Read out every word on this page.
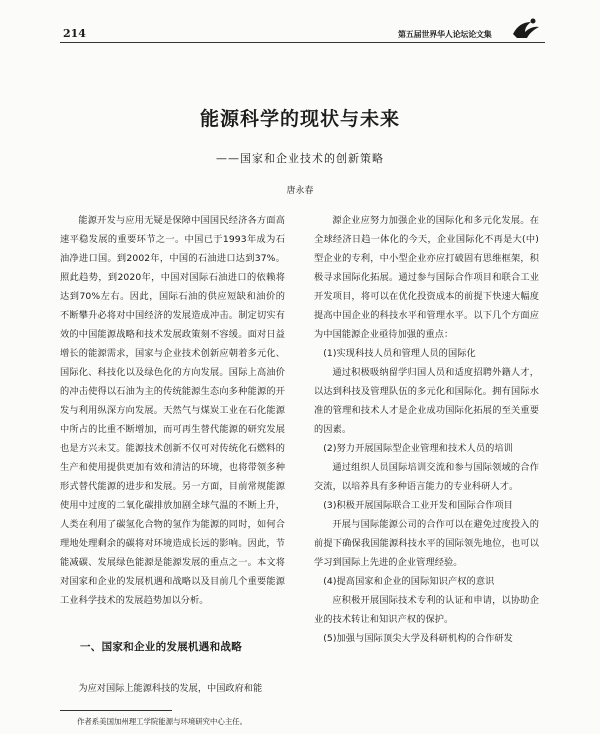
214	第五届世界华人论坛论文集
能源科学的现状与未来
——国家和企业技术的创新策略
唐永春

能源开发与应用无疑是保障中国国民经济各方面高速平稳发展的重要环节之一。中国已于1993年成为石油净进口国。到2002年，中国的石油进口达到37%。照此趋势，到2020年，中国对国际石油进口的依赖将达到70%左右。因此，国际石油的供应短缺和油价的不断攀升必将对中国经济的发展造成冲击。制定切实有效的中国能源战略和技术发展政策刻不容缓。面对日益增长的能源需求，国家与企业技术创新应朝着多元化、国际化、科技化以及绿色化的方向发展。国际上高油价的冲击使得以石油为主的传统能源生态向多种能源的开发与利用纵深方向发展。天然气与煤炭工业在石化能源中所占的比重不断增加，而可再生替代能源的研究发展也是方兴未艾。能源技术创新不仅可对传统化石燃料的生产和使用提供更加有效和清洁的环境，也将带领多种形式替代能源的进步和发展。另一方面，目前常规能源使用中过度的二氧化碳排放加剧全球气温的不断上升，人类在利用了碳氢化合物的氢作为能源的同时，如何合理地处理剩余的碳将对环境造成长远的影响。因此，节能减碳、发展绿色能源是能源发展的重点之一。本文将对国家和企业的发展机遇和战略以及目前几个重要能源工业科学技术的发展趋势加以分析。

一、国家和企业的发展机遇和战略

为应对国际上能源科技的发展，中国政府和能

源企业应努力加强企业的国际化和多元化发展。在全球经济日趋一体化的今天，企业国际化不再是大(中)型企业的专利，中小型企业亦应打破固有思维框架，积极寻求国际化拓展。通过参与国际合作项目和联合工业开发项目，将可以在优化投资成本的前提下快速大幅度提高中国企业的科技水平和管理水平。以下几个方面应为中国能源企业亟待加强的重点：

(1)实现科技人员和管理人员的国际化

通过积极吸纳留学归国人员和适度招聘外籍人才，以达到科技及管理队伍的多元化和国际化。拥有国际水准的管理和技术人才是企业成功国际化拓展的至关重要的因素。

(2)努力开展国际型企业管理和技术人员的培训

通过组织人员国际培训交流和参与国际领域的合作交流，以培养具有多种语言能力的专业科研人才。

(3)积极开展国际联合工业开发和国际合作项目

开展与国际能源公司的合作可以在避免过度投入的前提下确保我国能源科技水平的国际领先地位，也可以学习到国际上先进的企业管理经验。

(4)提高国家和企业的国际知识产权的意识

应积极开展国际技术专利的认证和申请，以协助企业的技术转让和知识产权的保护。

(5)加强与国际顶尖大学及科研机构的合作研发

作者系美国加州理工学院能源与环境研究中心主任。
